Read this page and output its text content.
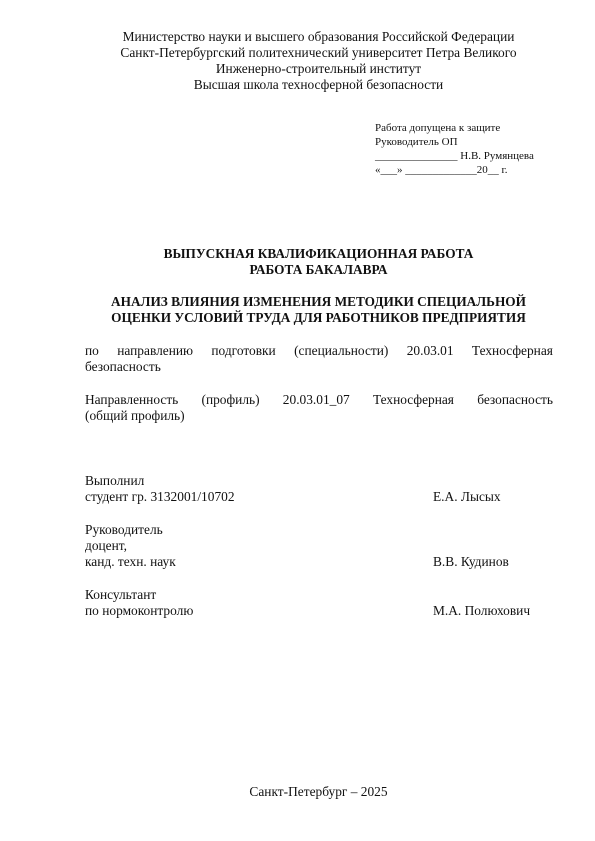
Министерство науки и высшего образования Российской Федерации
Санкт-Петербургский политехнический университет Петра Великого
Инженерно-строительный институт
Высшая школа техносферной безопасности
Работа допущена к защите
Руководитель ОП
_______________ Н.В. Румянцева
«___» _____________20__ г.
ВЫПУСКНАЯ КВАЛИФИКАЦИОННАЯ РАБОТА
РАБОТА БАКАЛАВРА
АНАЛИЗ ВЛИЯНИЯ ИЗМЕНЕНИЯ МЕТОДИКИ СПЕЦИАЛЬНОЙ
ОЦЕНКИ УСЛОВИЙ ТРУДА ДЛЯ РАБОТНИКОВ ПРЕДПРИЯТИЯ
по направлению подготовки (специальности) 20.03.01 Техносферная
безопасность
Направленность (профиль) 20.03.01_07 Техносферная безопасность
(общий профиль)
Выполнил
студент гр. 3132001/10702	Е.А. Лысых
Руководитель
доцент,
канд. техн. наук	В.В. Кудинов
Консультант
по нормоконтролю	М.А. Полюхович
Санкт-Петербург – 2025
